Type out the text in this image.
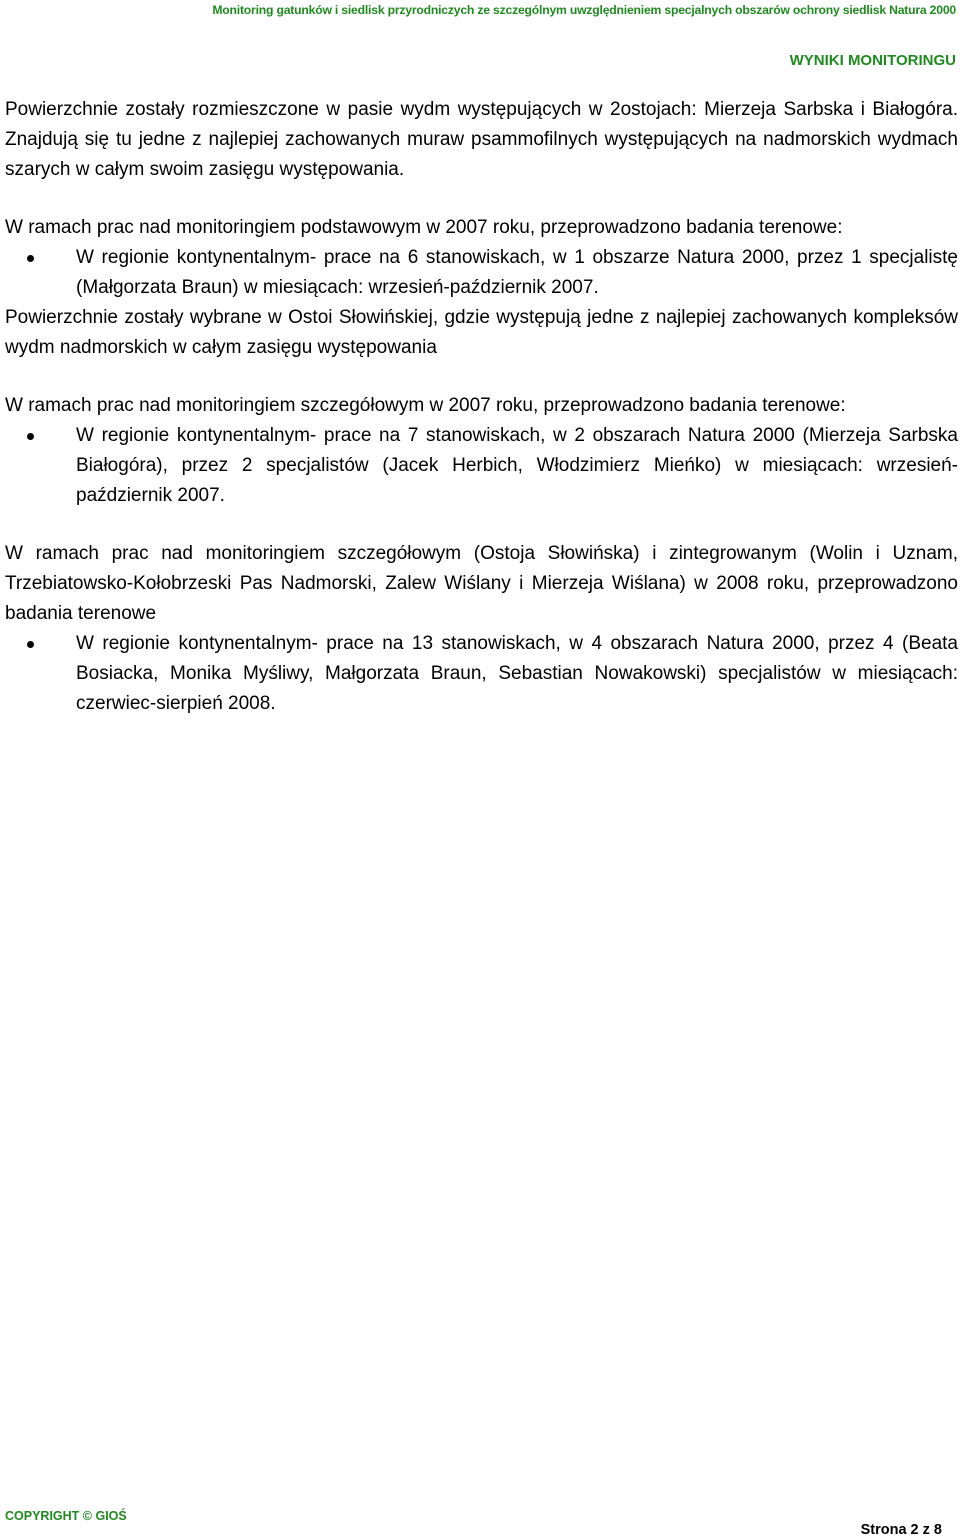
Monitoring gatunków i siedlisk przyrodniczych ze szczególnym uwzględnieniem specjalnych obszarów ochrony siedlisk Natura 2000
WYNIKI MONITORINGU

Powierzchnie zostały rozmieszczone w pasie wydm występujących w 2ostojach: Mierzeja Sarbska i Białogóra. Znajdują się tu jedne z najlepiej zachowanych muraw psammofilnych występujących na nadmorskich wydmach szarych w całym swoim zasięgu występowania.

W ramach prac nad monitoringiem podstawowym w 2007 roku, przeprowadzono badania terenowe:

W regionie kontynentalnym- prace na 6 stanowiskach, w 1 obszarze Natura 2000, przez 1 specjalistę (Małgorzata Braun) w miesiącach: wrzesień-październik 2007.

Powierzchnie zostały wybrane w Ostoi Słowińskiej, gdzie występują jedne z najlepiej zachowanych kompleksów wydm nadmorskich w całym zasięgu występowania

W ramach prac nad monitoringiem szczegółowym w 2007 roku, przeprowadzono badania terenowe:

W regionie kontynentalnym- prace na 7 stanowiskach, w 2 obszarach Natura 2000 (Mierzeja Sarbska Białogóra), przez 2 specjalistów (Jacek Herbich, Włodzimierz Mieńko) w miesiącach: wrzesień-październik 2007.

W ramach prac nad monitoringiem szczegółowym (Ostoja Słowińska) i zintegrowanym (Wolin i Uznam, Trzebiatowsko-Kołobrzeski Pas Nadmorski, Zalew Wiślany i Mierzeja Wiślana) w 2008 roku, przeprowadzono badania terenowe

W regionie kontynentalnym- prace na 13 stanowiskach, w 4 obszarach Natura 2000, przez 4 (Beata Bosiacka, Monika Myśliwy, Małgorzata Braun, Sebastian Nowakowski) specjalistów w miesiącach: czerwiec-sierpień 2008.
COPYRIGHT © GIOŚ
Strona 2 z 8
